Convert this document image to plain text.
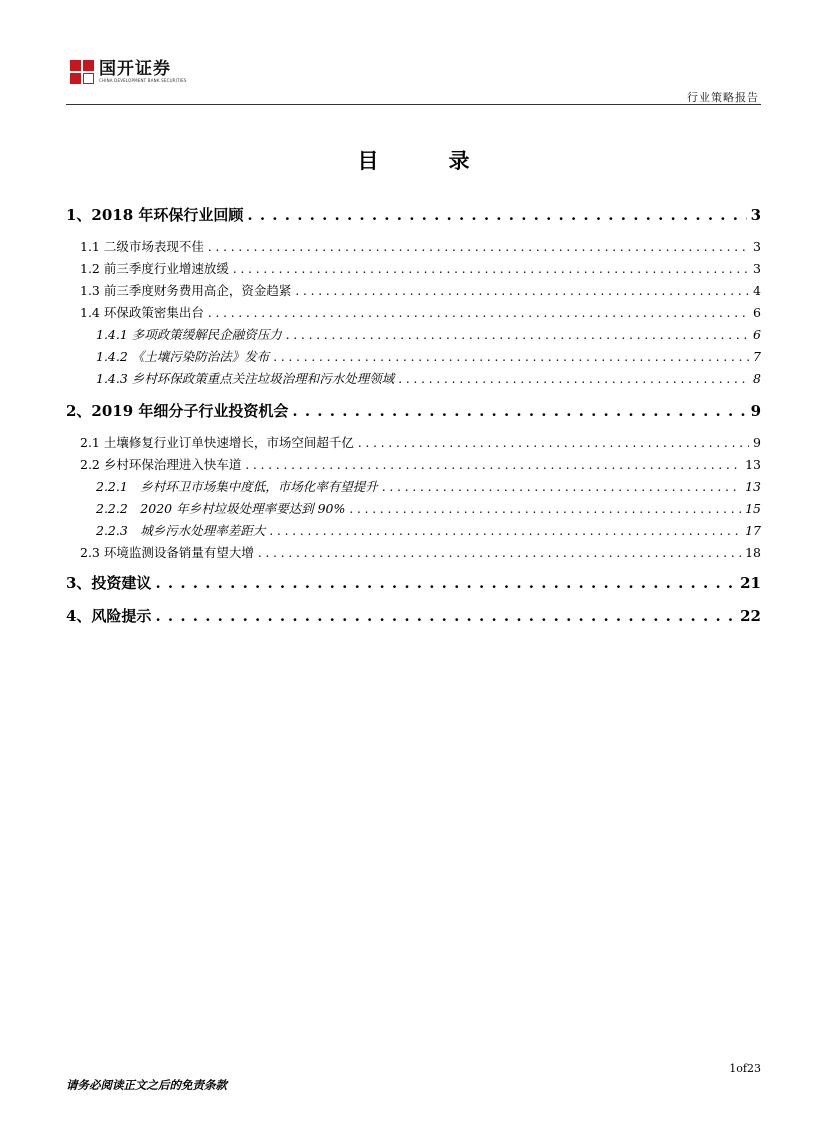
国开证券
CHINA DEVELOPMENT BANK SECURITIES
行业策略报告
目录
1、2018 年环保行业回顾 . . .	3
1.1 二级市场表现不佳 . . .	3
1.2 前三季度行业增速放缓 . . .	3
1.3 前三季度财务费用高企，资金趋紧 . . .	4
1.4 环保政策密集出台 . . .	6
1.4.1 多项政策缓解民企融资压力 . . .	6
1.4.2 《土壤污染防治法》发布 . . .	7
1.4.3 乡村环保政策重点关注垃圾治理和污水处理领域 . . .	8
2、2019 年细分子行业投资机会 . . .	9
2.1 土壤修复行业订单快速增长，市场空间超千亿 . . .	9
2.2 乡村环保治理进入快车道 . . .	13
2.2.1　乡村环卫市场集中度低，市场化率有望提升 . . .	13
2.2.2　2020 年乡村垃圾处理率要达到 90% . . .	15
2.2.3　城乡污水处理率差距大 . . .	17
2.3 环境监测设备销量有望大增 . . .	18
3、投资建议 . . .	21
4、风险提示 . . .	22
1of23
请务必阅读正文之后的免责条款
